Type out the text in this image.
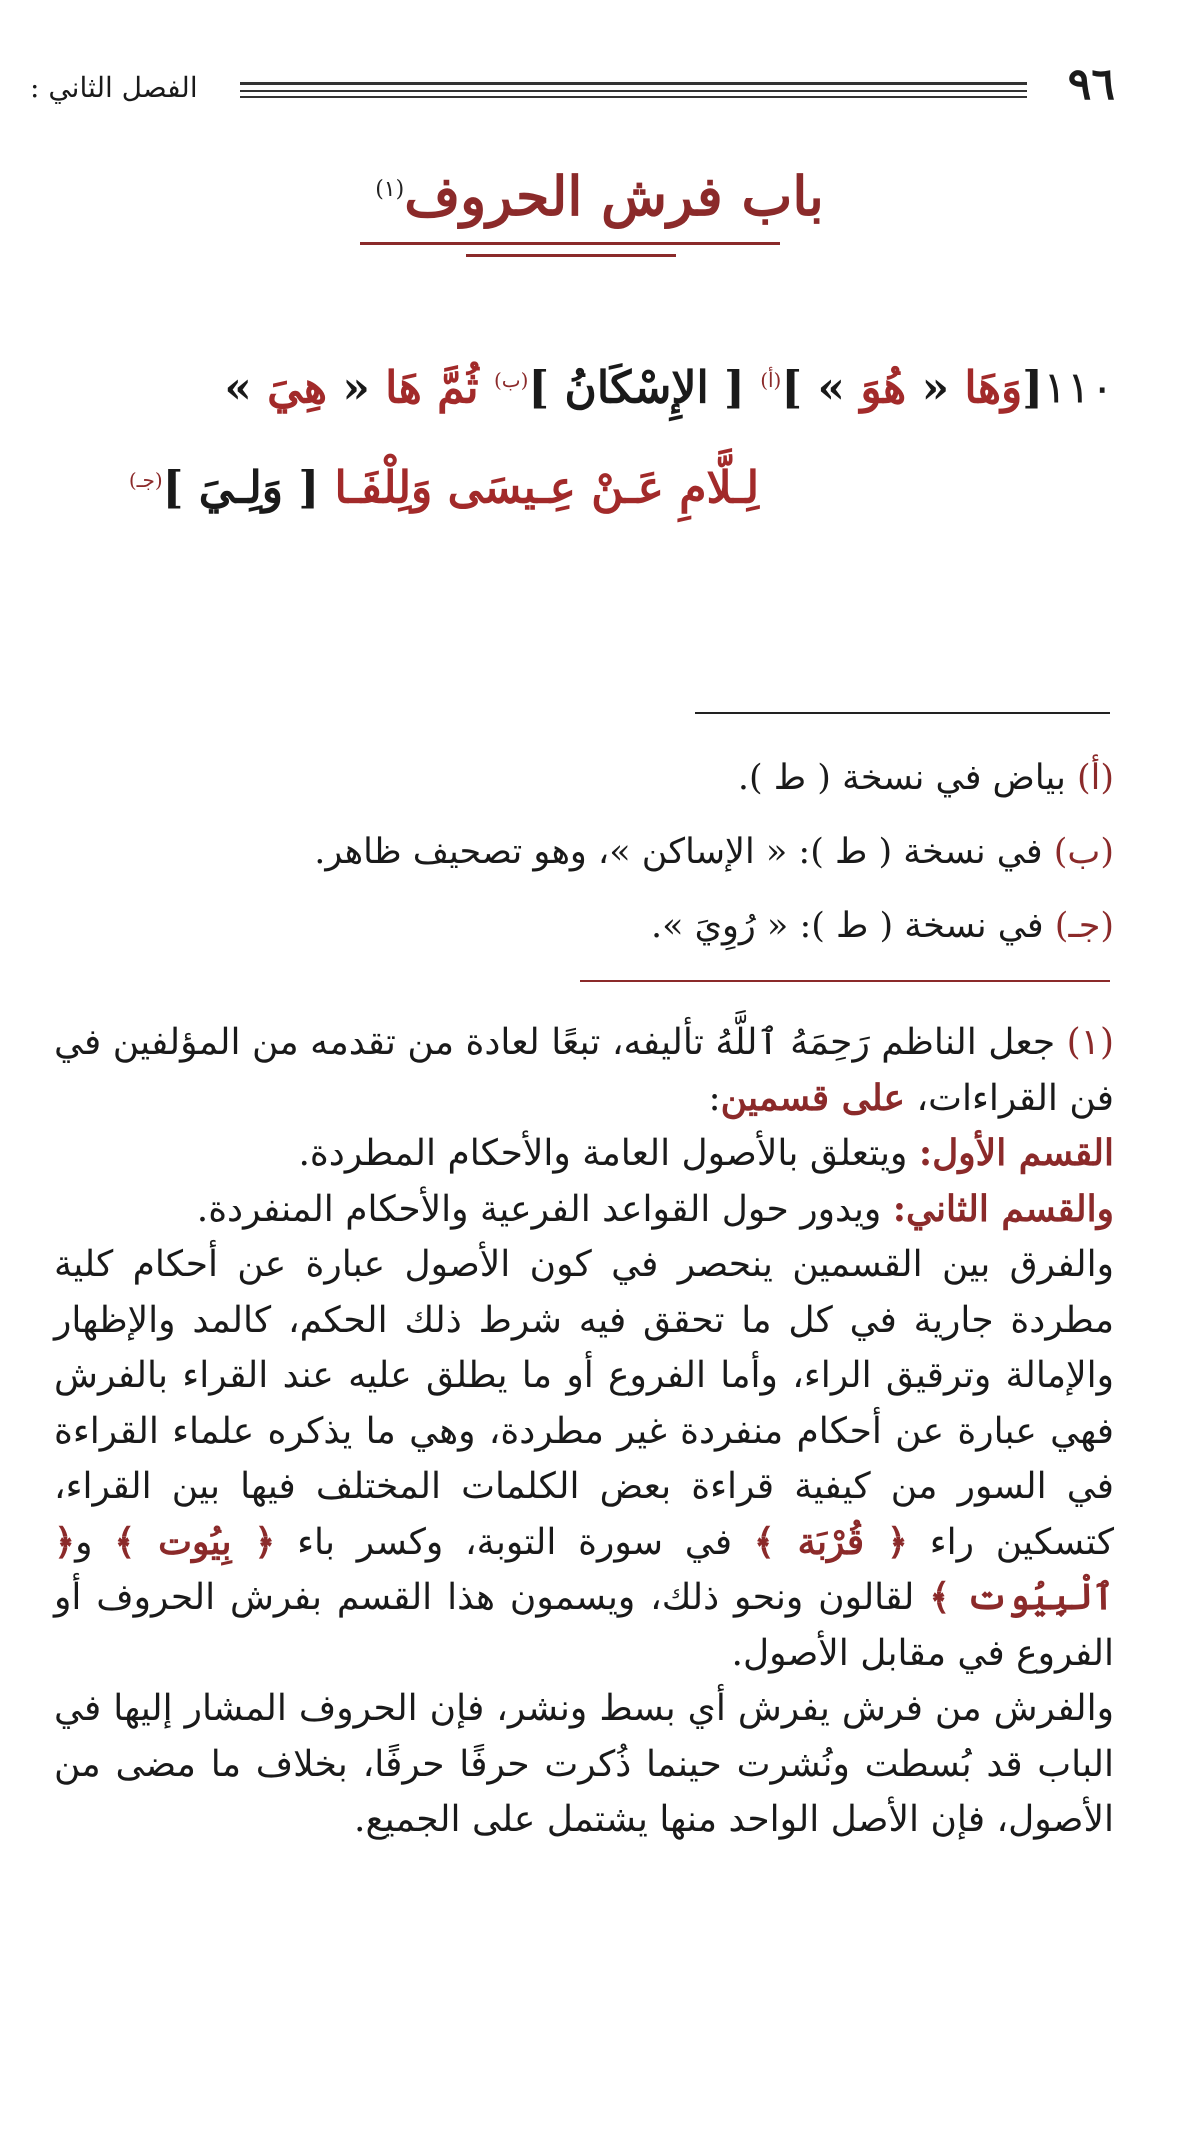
٩٦
الفصل الثاني :
باب فرش الحروف$^{(١)}$
١١٠[وَهَا « هُوَ » ]$^{(أ)}$ [ الإِسْكَانُ ]$^{(ب)}$ ثُمَّ هَا « هِيَ »
لِـلَّامِ عَـنْ عِـيسَى وَلِلْفَـا [ وَلِـيَ ]$^{(جـ)}$
(أ) بياض في نسخة ( ط ).
(ب) في نسخة ( ط ): « الإساكن »، وهو تصحيف ظاهر.
(جـ) في نسخة ( ط ): « رُوِيَ ».

(١) جعل الناظم رَحِمَهُ ٱللَّهُ تأليفه، تبعًا لعادة من تقدمه من المؤلفين في فن القراءات، على قسمين:

القسم الأول: ويتعلق بالأصول العامة والأحكام المطردة.

والقسم الثاني: ويدور حول القواعد الفرعية والأحكام المنفردة.

والفرق بين القسمين ينحصر في كون الأصول عبارة عن أحكام كلية مطردة جارية في كل ما تحقق فيه شرط ذلك الحكم، كالمد والإظهار والإمالة وترقيق الراء، وأما الفروع أو ما يطلق عليه عند القراء بالفرش فهي عبارة عن أحكام منفردة غير مطردة، وهي ما يذكره علماء القراءة في السور من كيفية قراءة بعض الكلمات المختلف فيها بين القراء، كتسكين راء ﴿ قُرْبَة ﴾ في سورة التوبة، وكسر باء ﴿ بِيُوت ﴾ و﴿ ٱلْبِيُوت ﴾ لقالون ونحو ذلك، ويسمون هذا القسم بفرش الحروف أو الفروع في مقابل الأصول.

والفرش من فرش يفرش أي بسط ونشر، فإن الحروف المشار إليها في الباب قد بُسطت ونُشرت حينما ذُكرت حرفًا حرفًا، بخلاف ما مضى من الأصول، فإن الأصل الواحد منها يشتمل على الجميع.
